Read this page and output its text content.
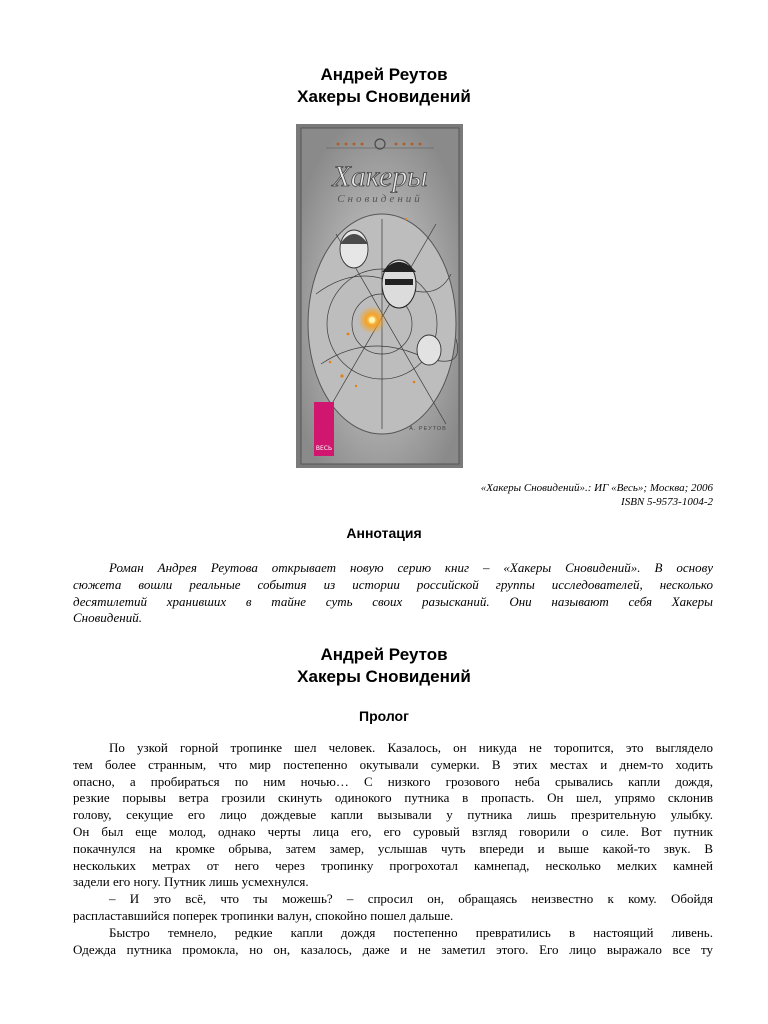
Андрей Реутов
Хакеры Сновидений
Хакеры
Сновидений
ВЕСЬ
А. РЕУТОВ
«Хакеры Сновидений».: ИГ «Весь»; Москва; 2006
ISBN 5-9573-1004-2
Аннотация
Роман Андрея Реутова открывает новую серию книг – «Хакеры Сновидений». В основу
сюжета вошли реальные события из истории российской группы исследователей, несколько
десятилетий хранивших в тайне суть своих разысканий. Они называют себя Хакеры
Сновидений.
Андрей Реутов
Хакеры Сновидений
Пролог
По узкой горной тропинке шел человек. Казалось, он никуда не торопится, это выглядело
тем более странным, что мир постепенно окутывали сумерки. В этих местах и днем-то ходить
опасно, а пробираться по ним ночью… С низкого грозового неба срывались капли дождя,
резкие порывы ветра грозили скинуть одинокого путника в пропасть. Он шел, упрямо склонив
голову, секущие его лицо дождевые капли вызывали у путника лишь презрительную улыбку.
Он был еще молод, однако черты лица его, его суровый взгляд говорили о силе. Вот путник
покачнулся на кромке обрыва, затем замер, услышав чуть впереди и выше какой-то звук. В
нескольких метрах от него через тропинку прогрохотал камнепад, несколько мелких камней
задели его ногу. Путник лишь усмехнулся.
– И это всё, что ты можешь? – спросил он, обращаясь неизвестно к кому. Обойдя
распластавшийся поперек тропинки валун, спокойно пошел дальше.
Быстро темнело, редкие капли дождя постепенно превратились в настоящий ливень.
Одежда путника промокла, но он, казалось, даже и не заметил этого. Его лицо выражало все ту
